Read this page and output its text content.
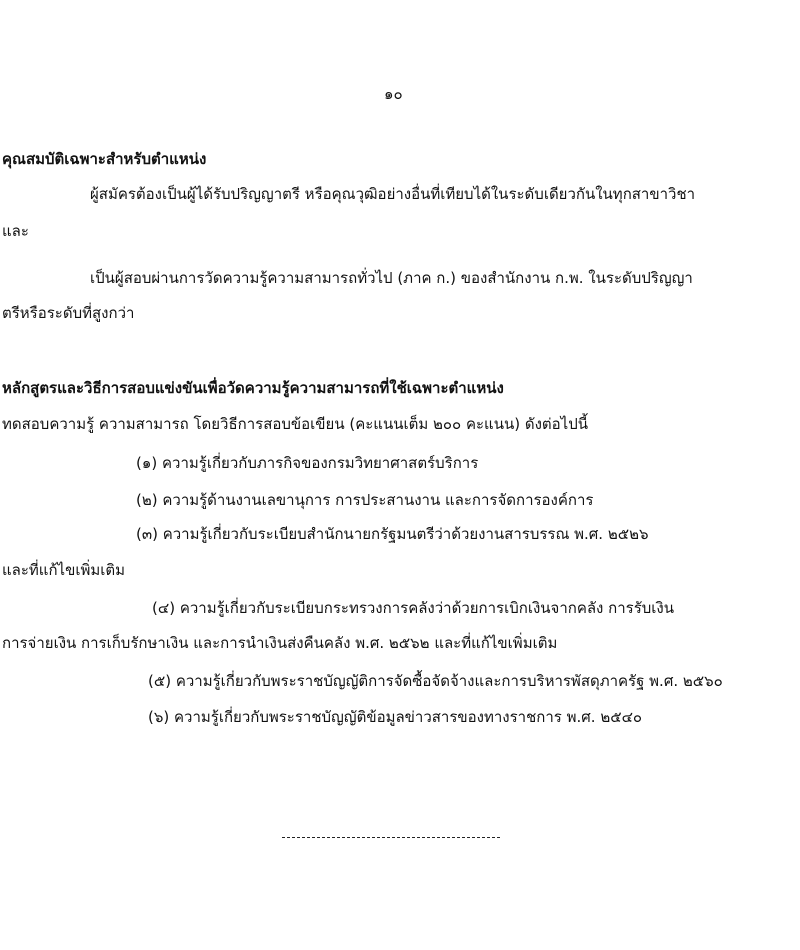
๑๐
คุณสมบัติเฉพาะสำหรับตำแหน่ง
ผู้สมัครต้องเป็นผู้ได้รับปริญญาตรี หรือคุณวุฒิอย่างอื่นที่เทียบได้ในระดับเดียวกันในทุกสาขาวิชา
และ
เป็นผู้สอบผ่านการวัดความรู้ความสามารถทั่วไป (ภาค ก.) ของสำนักงาน ก.พ. ในระดับปริญญา
ตรีหรือระดับที่สูงกว่า
หลักสูตรและวิธีการสอบแข่งขันเพื่อวัดความรู้ความสามารถที่ใช้เฉพาะตำแหน่ง
ทดสอบความรู้ ความสามารถ โดยวิธีการสอบข้อเขียน (คะแนนเต็ม ๒๐๐ คะแนน) ดังต่อไปนี้
(๑) ความรู้เกี่ยวกับภารกิจของกรมวิทยาศาสตร์บริการ
(๒) ความรู้ด้านงานเลขานุการ การประสานงาน และการจัดการองค์การ
(๓) ความรู้เกี่ยวกับระเบียบสำนักนายกรัฐมนตรีว่าด้วยงานสารบรรณ พ.ศ. ๒๕๒๖
และที่แก้ไขเพิ่มเติม
(๔) ความรู้เกี่ยวกับระเบียบกระทรวงการคลังว่าด้วยการเบิกเงินจากคลัง การรับเงิน
การจ่ายเงิน การเก็บรักษาเงิน และการนำเงินส่งคืนคลัง พ.ศ. ๒๕๖๒ และที่แก้ไขเพิ่มเติม
(๕) ความรู้เกี่ยวกับพระราชบัญญัติการจัดซื้อจัดจ้างและการบริหารพัสดุภาครัฐ พ.ศ. ๒๕๖๐
(๖) ความรู้เกี่ยวกับพระราชบัญญัติข้อมูลข่าวสารของทางราชการ พ.ศ. ๒๕๔๐
